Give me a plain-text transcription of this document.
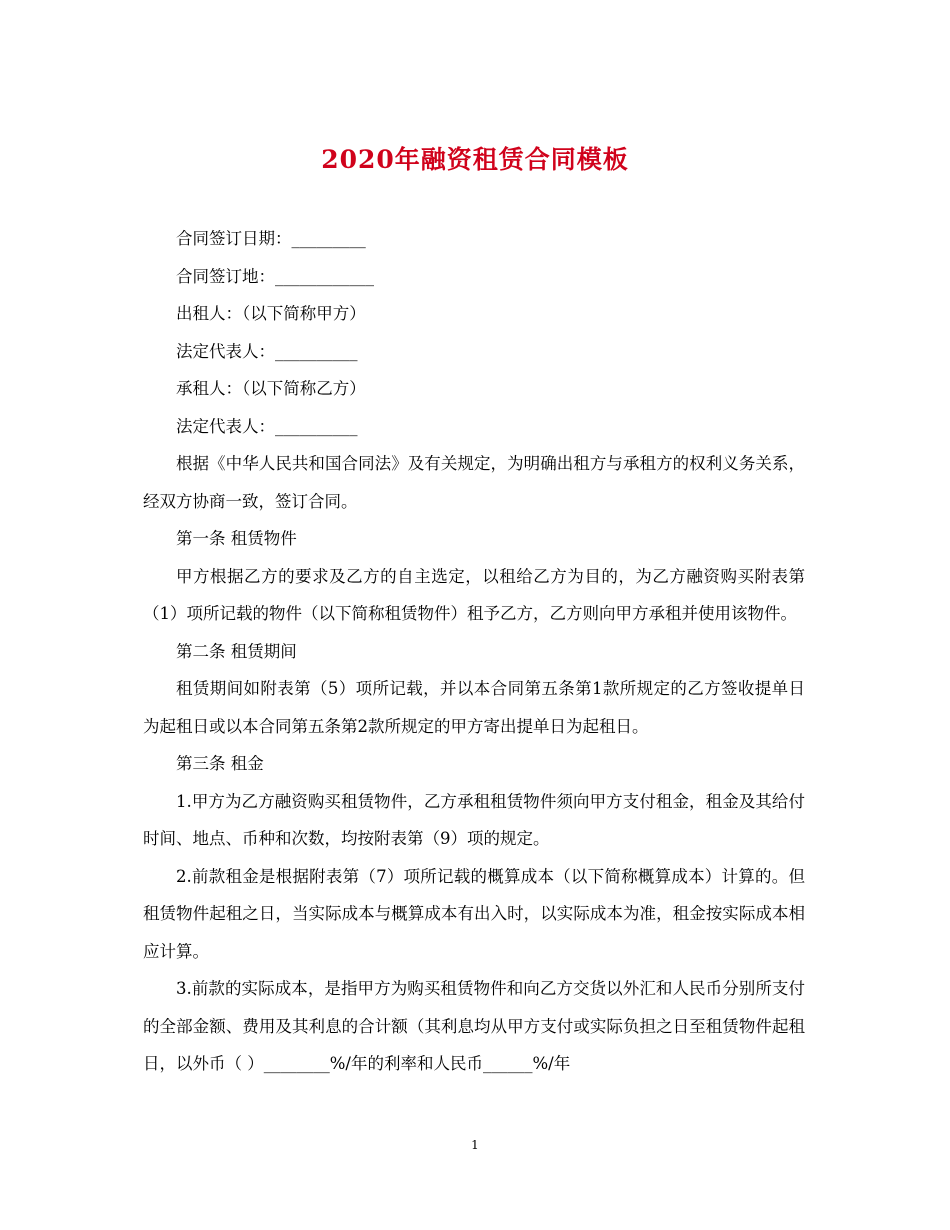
2020年融资租赁合同模板

合同签订日期：_________

合同签订地：____________

出租人：（以下简称甲方）

法定代表人：__________

承租人：（以下简称乙方）

法定代表人：__________

根据《中华人民共和国合同法》及有关规定，为明确出租方与承租方的权利义务关系，经双方协商一致，签订合同。

第一条 租赁物件

甲方根据乙方的要求及乙方的自主选定，以租给乙方为目的，为乙方融资购买附表第（1）项所记载的物件（以下简称租赁物件）租予乙方，乙方则向甲方承租并使用该物件。

第二条 租赁期间

租赁期间如附表第（5）项所记载，并以本合同第五条第1款所规定的乙方签收提单日为起租日或以本合同第五条第2款所规定的甲方寄出提单日为起租日。

第三条 租金

1.甲方为乙方融资购买租赁物件，乙方承租租赁物件须向甲方支付租金，租金及其给付时间、地点、币种和次数，均按附表第（9）项的规定。

2.前款租金是根据附表第（7）项所记载的概算成本（以下简称概算成本）计算的。但租赁物件起租之日，当实际成本与概算成本有出入时，以实际成本为准，租金按实际成本相应计算。

3.前款的实际成本，是指甲方为购买租赁物件和向乙方交货以外汇和人民币分别所支付的全部金额、费用及其利息的合计额（其利息均从甲方支付或实际负担之日至租赁物件起租日，以外币（ ）________%/年的利率和人民币______%/年

1
